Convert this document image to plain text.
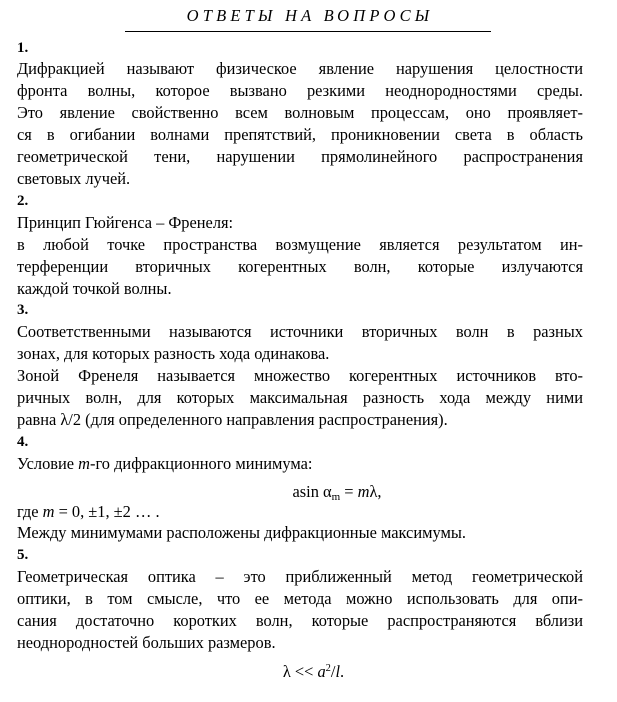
ОТВЕТЫ НА ВОПРОСЫ
1.
Дифракцией называют физическое явление нарушения целостности
фронта волны, которое вызвано резкими неоднородностями среды.
Это явление свойственно всем волновым процессам, оно проявляет-
ся в огибании волнами препятствий, проникновении света в область
геометрической тени, нарушении прямолинейного распространения
световых лучей.
2.
Принцип Гюйгенса – Френеля:
в любой точке пространства возмущение является результатом ин-
терференции вторичных когерентных волн, которые излучаются
каждой точкой волны.
3.
Соответственными называются источники вторичных волн в разных
зонах, для которых разность хода одинакова.
Зоной Френеля называется множество когерентных источников вто-
ричных волн, для которых максимальная разность хода между ними
равна λ/2 (для определенного направления распространения).
4.
Условие m-го дифракционного минимума:
asin $\alpha_m = m\lambda$,
где m = 0, ±1, ±2 … .
Между минимумами расположены дифракционные максимумы.
5.
Геометрическая оптика – это приближенный метод геометрической
оптики, в том смысле, что ее метода можно использовать для опи-
сания достаточно коротких волн, которые распространяются вблизи
неоднородностей больших размеров.
$\lambda << a^2/l$.
